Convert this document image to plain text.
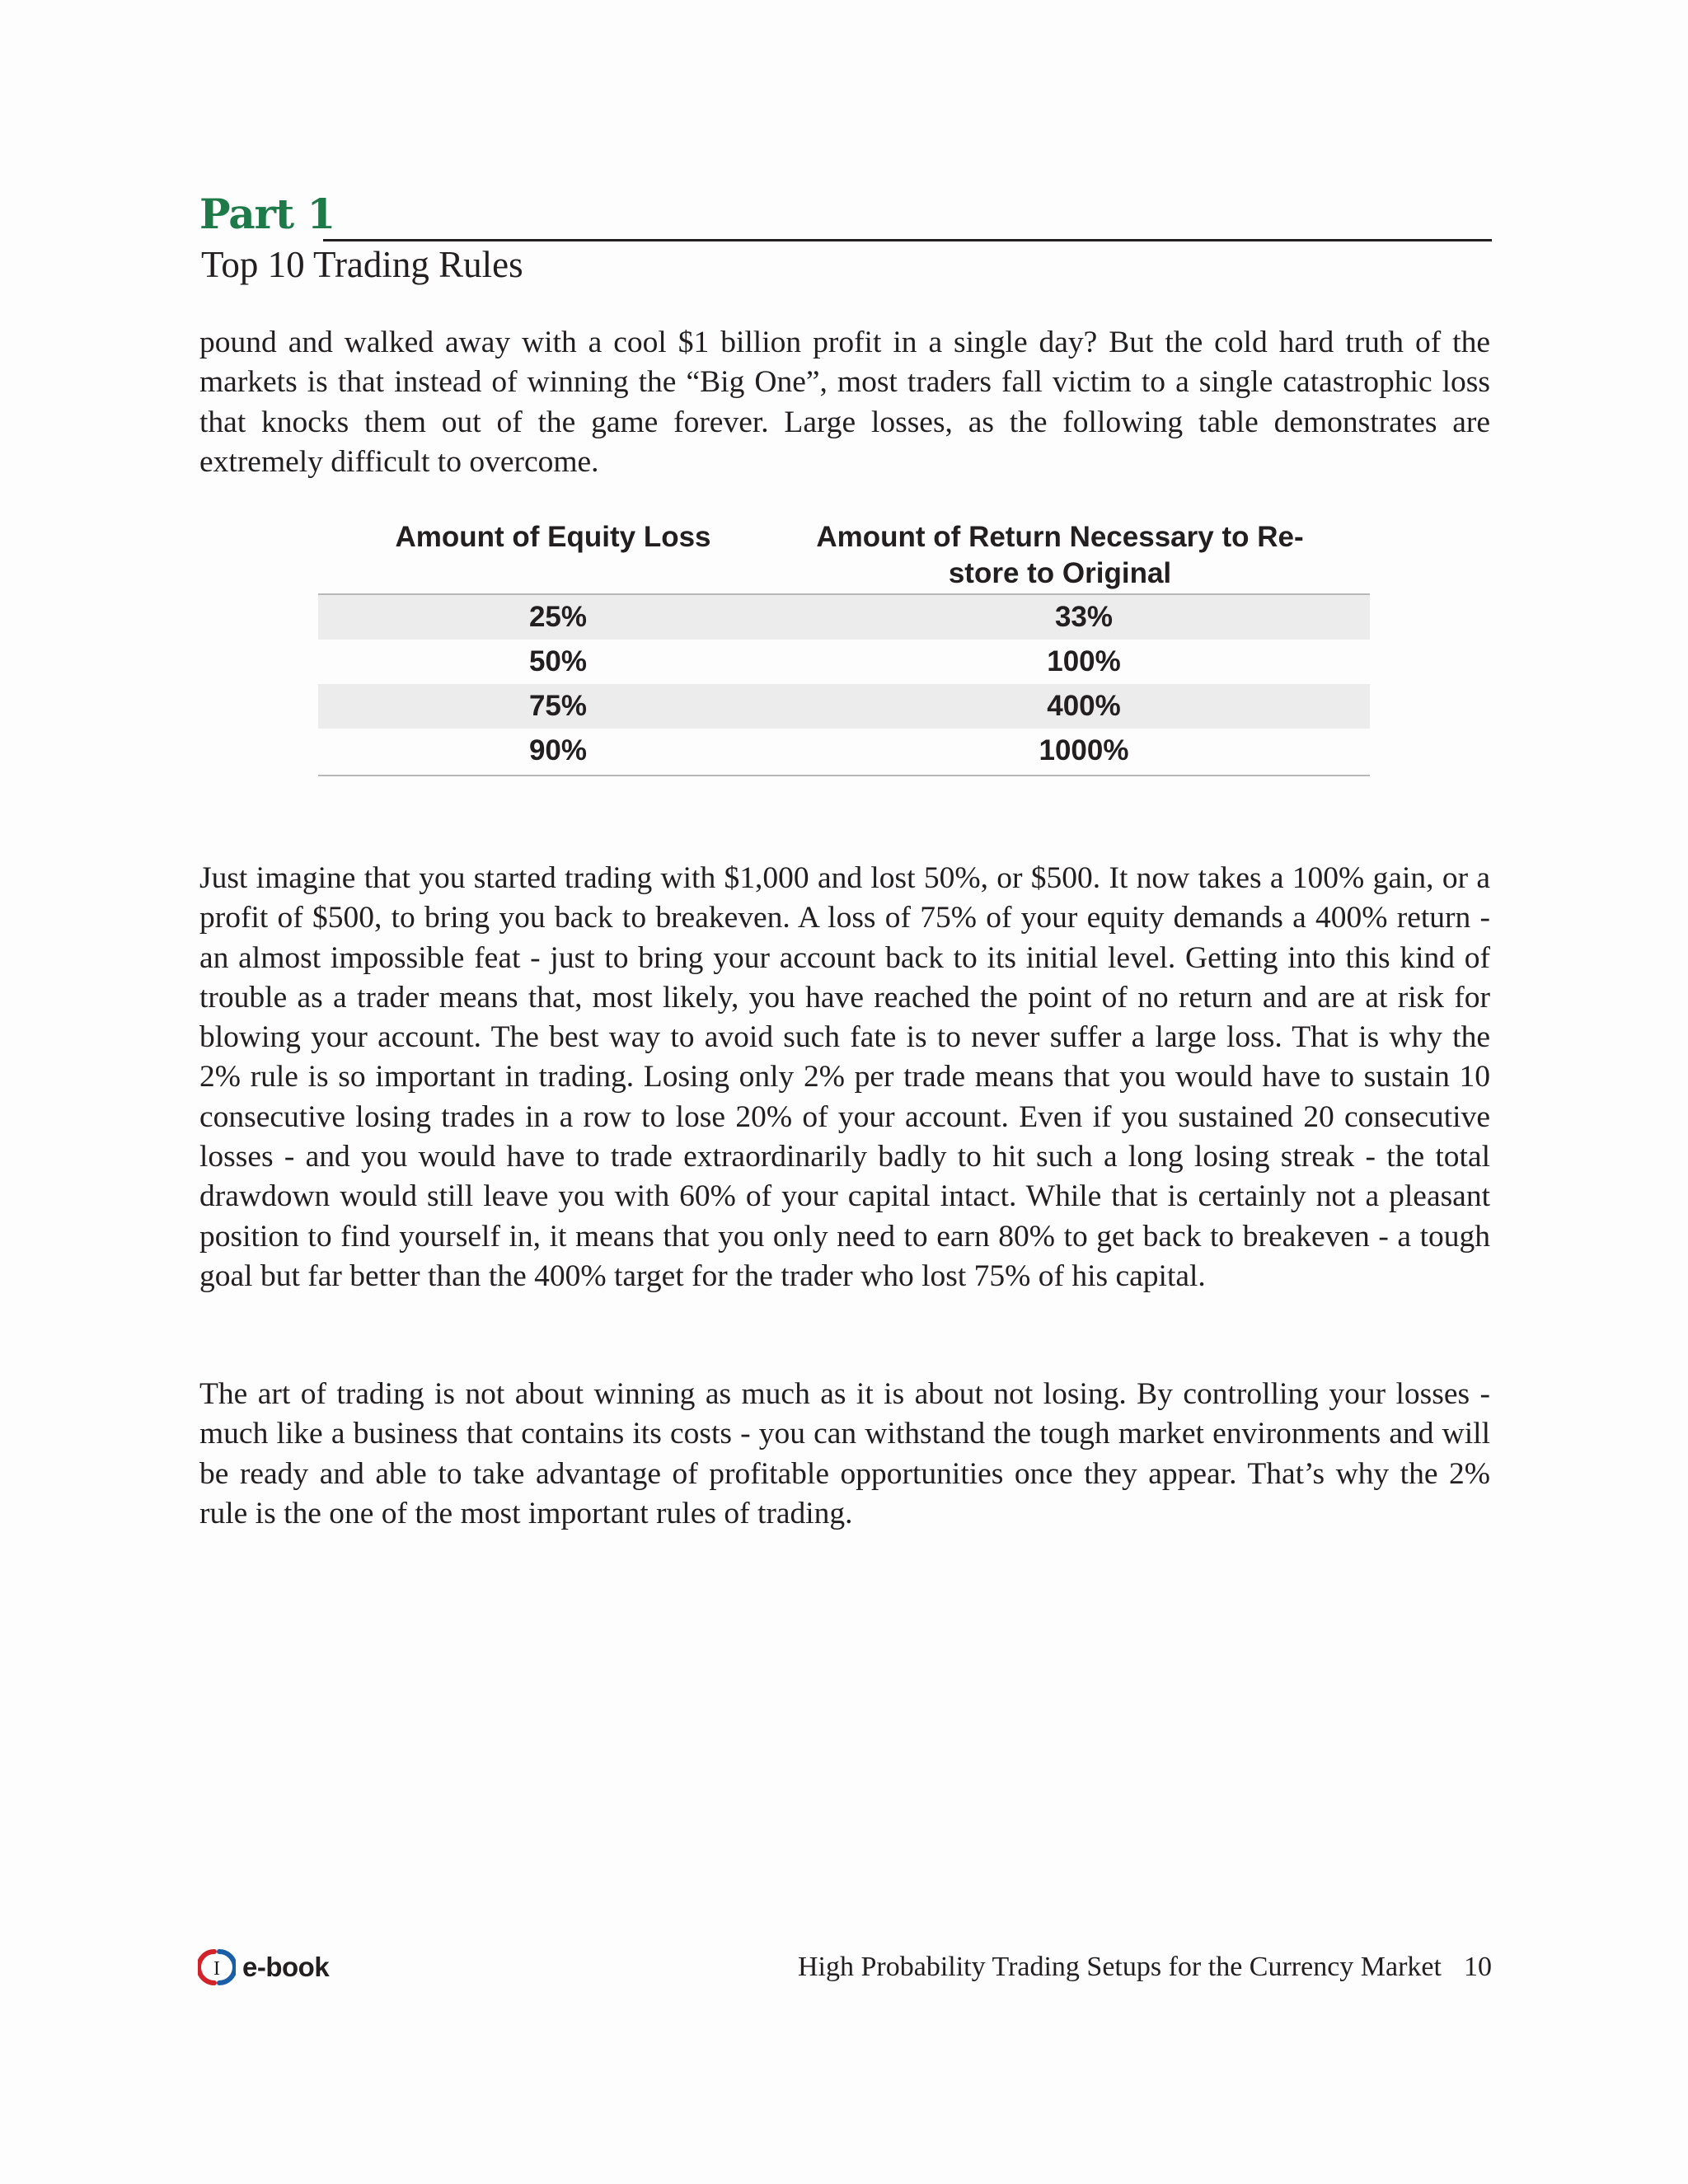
Part 1
Top 10 Trading Rules

pound and walked away with a cool $1 billion profit in a single day? But the cold hard truth of the markets is that instead of winning the “Big One”, most traders fall victim to a single catastrophic loss that knocks them out of the game forever. Large losses, as the following table demonstrates are extremely difficult to overcome.

Amount of Equity Loss	Amount of Return Necessary to Re-
store to Original
25%	33%
50%	100%
75%	400%
90%	1000%

Just imagine that you started trading with $1,000 and lost 50%, or $500. It now takes a 100% gain, or a profit of $500, to bring you back to breakeven. A loss of 75% of your equity demands a 400% return - an almost impossible feat - just to bring your account back to its initial level. Getting into this kind of trouble as a trader means that, most likely, you have reached the point of no return and are at risk for blowing your account. The best way to avoid such fate is to never suffer a large loss. That is why the 2% rule is so important in trading. Losing only 2% per trade means that you would have to sustain 10 consecutive losing trades in a row to lose 20% of your account. Even if you sustained 20 consecutive losses - and you would have to trade extraordinarily badly to hit such a long losing streak - the total drawdown would still leave you with 60% of your capital intact. While that is certainly not a pleasant position to find yourself in, it means that you only need to earn 80% to get back to breakeven - a tough goal but far better than the 400% target for the trader who lost 75% of his capital.

The art of trading is not about winning as much as it is about not losing. By controlling your losses - much like a business that contains its costs - you can withstand the tough market environments and will be ready and able to take advantage of profitable opportunities once they appear. That’s why the 2% rule is the one of the most important rules of trading.

I e-book	High Probability Trading Setups for the Currency Market 10
